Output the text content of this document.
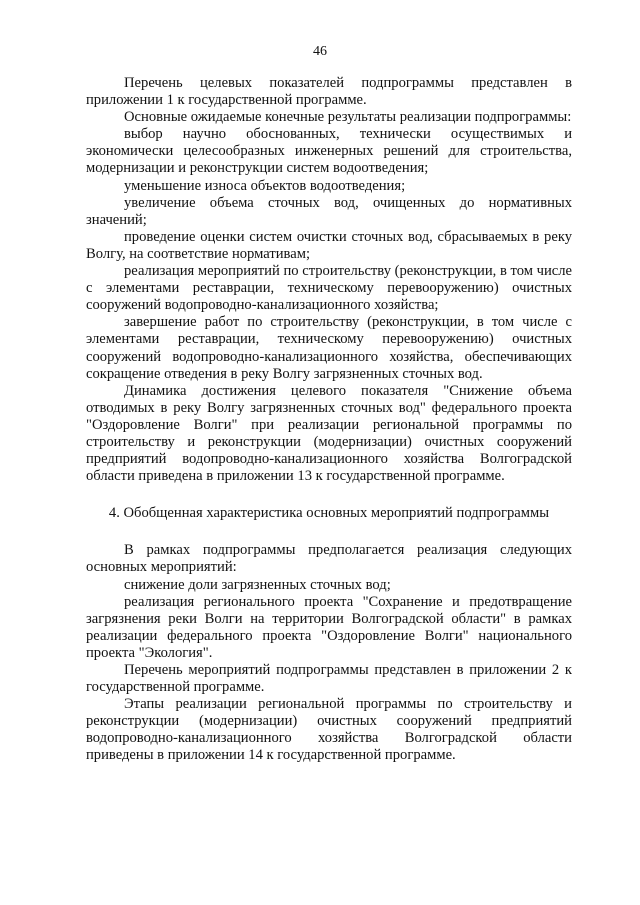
46

Перечень целевых показателей подпрограммы представлен в приложении 1 к государственной программе.

Основные ожидаемые конечные результаты реализации подпрограммы:

выбор научно обоснованных, технически осуществимых и экономически целесообразных инженерных решений для строительства, модернизации и реконструкции систем водоотведения;

уменьшение износа объектов водоотведения;

увеличение объема сточных вод, очищенных до нормативных значений;

проведение оценки систем очистки сточных вод, сбрасываемых в реку Волгу, на соответствие нормативам;

реализация мероприятий по строительству (реконструкции, в том числе с элементами реставрации, техническому перевооружению) очистных сооружений водопроводно-канализационного хозяйства;

завершение работ по строительству (реконструкции, в том числе с элементами реставрации, техническому перевооружению) очистных сооружений водопроводно-канализационного хозяйства, обеспечивающих сокращение отведения в реку Волгу загрязненных сточных вод.

Динамика достижения целевого показателя "Снижение объема отводимых в реку Волгу загрязненных сточных вод" федерального проекта "Оздоровление Волги" при реализации региональной программы по строительству и реконструкции (модернизации) очистных сооружений предприятий водопроводно-канализационного хозяйства Волгоградской области приведена в приложении 13 к государственной программе.

4. Обобщенная характеристика основных мероприятий подпрограммы

В рамках подпрограммы предполагается реализация следующих основных мероприятий:

снижение доли загрязненных сточных вод;

реализация регионального проекта "Сохранение и предотвращение загрязнения реки Волги на территории Волгоградской области" в рамках реализации федерального проекта "Оздоровление Волги" национального проекта "Экология".

Перечень мероприятий подпрограммы представлен в приложении 2 к государственной программе.

Этапы реализации региональной программы по строительству и реконструкции (модернизации) очистных сооружений предприятий водопроводно-канализационного хозяйства Волгоградской области приведены в приложении 14 к государственной программе.
